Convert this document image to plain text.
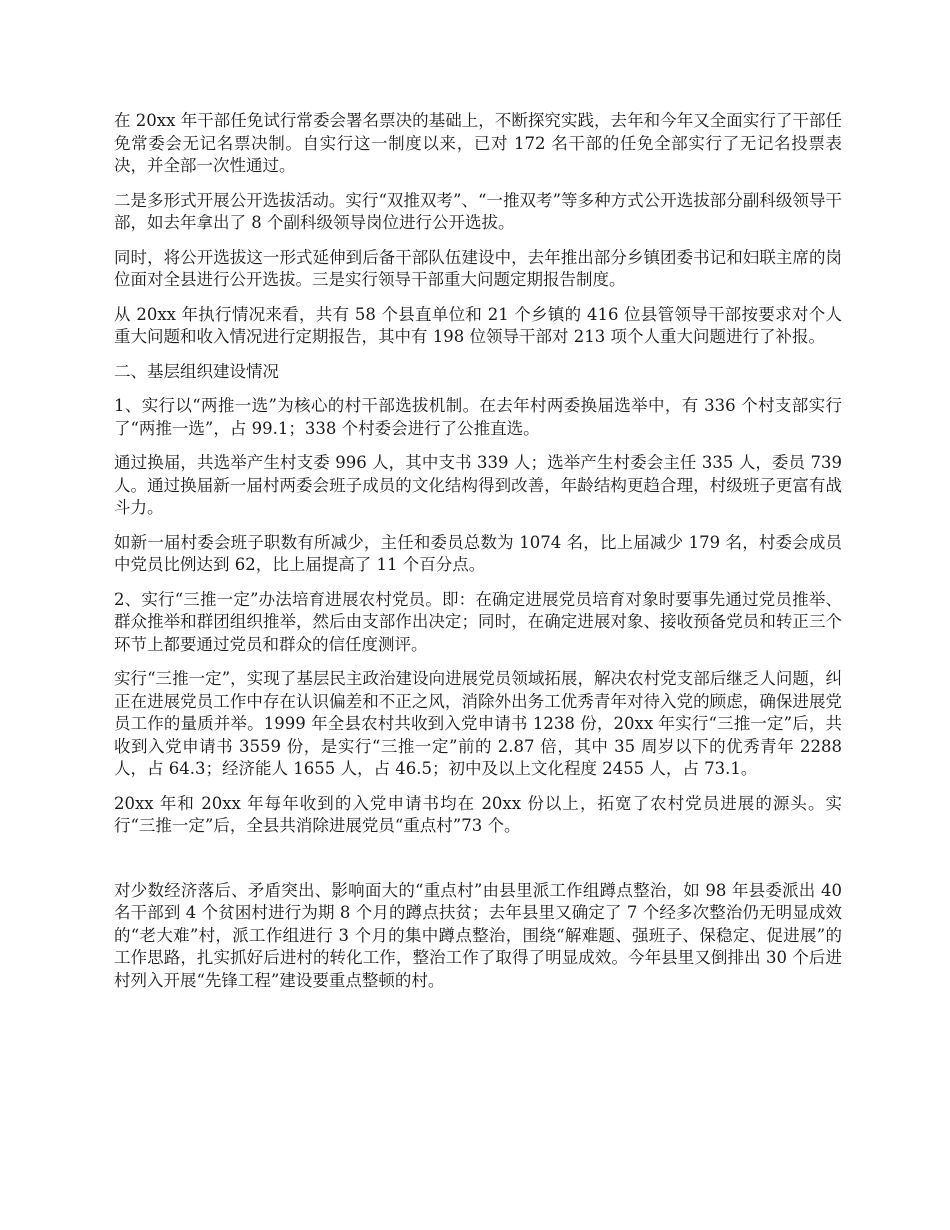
在 20xx 年干部任免试行常委会署名票决的基础上，不断探究实践，去年和今年又全面实行了干部任免常委会无记名票决制。自实行这一制度以来，已对 172 名干部的任免全部实行了无记名投票表决，并全部一次性通过。

二是多形式开展公开选拔活动。实行“双推双考”、“一推双考”等多种方式公开选拔部分副科级领导干部，如去年拿出了 8 个副科级领导岗位进行公开选拔。

同时，将公开选拔这一形式延伸到后备干部队伍建设中，去年推出部分乡镇团委书记和妇联主席的岗位面对全县进行公开选拔。三是实行领导干部重大问题定期报告制度。

从 20xx 年执行情况来看，共有 58 个县直单位和 21 个乡镇的 416 位县管领导干部按要求对个人重大问题和收入情况进行定期报告，其中有 198 位领导干部对 213 项个人重大问题进行了补报。

二、基层组织建设情况

1、实行以“两推一选”为核心的村干部选拔机制。在去年村两委换届选举中，有 336 个村支部实行了“两推一选”，占 99.1；338 个村委会进行了公推直选。

通过换届，共选举产生村支委 996 人，其中支书 339 人；选举产生村委会主任 335 人，委员 739 人。通过换届新一届村两委会班子成员的文化结构得到改善，年龄结构更趋合理，村级班子更富有战斗力。

如新一届村委会班子职数有所减少，主任和委员总数为 1074 名，比上届减少 179 名，村委会成员中党员比例达到 62，比上届提高了 11 个百分点。

2、实行“三推一定”办法培育进展农村党员。即：在确定进展党员培育对象时要事先通过党员推举、群众推举和群团组织推举，然后由支部作出决定；同时，在确定进展对象、接收预备党员和转正三个环节上都要通过党员和群众的信任度测评。

实行“三推一定”，实现了基层民主政治建设向进展党员领域拓展，解决农村党支部后继乏人问题，纠正在进展党员工作中存在认识偏差和不正之风，消除外出务工优秀青年对待入党的顾虑，确保进展党员工作的量质并举。1999 年全县农村共收到入党申请书 1238 份，20xx 年实行“三推一定”后，共收到入党申请书 3559 份，是实行“三推一定”前的 2.87 倍，其中 35 周岁以下的优秀青年 2288 人，占 64.3；经济能人 1655 人，占 46.5；初中及以上文化程度 2455 人，占 73.1。

20xx 年和 20xx 年每年收到的入党申请书均在 20xx 份以上，拓宽了农村党员进展的源头。实行“三推一定”后，全县共消除进展党员“重点村”73 个。

对少数经济落后、矛盾突出、影响面大的“重点村”由县里派工作组蹲点整治，如 98 年县委派出 40 名干部到 4 个贫困村进行为期 8 个月的蹲点扶贫；去年县里又确定了 7 个经多次整治仍无明显成效的“老大难”村，派工作组进行 3 个月的集中蹲点整治，围绕“解难题、强班子、保稳定、促进展”的工作思路，扎实抓好后进村的转化工作，整治工作了取得了明显成效。今年县里又倒排出 30 个后进村列入开展“先锋工程”建设要重点整顿的村。
